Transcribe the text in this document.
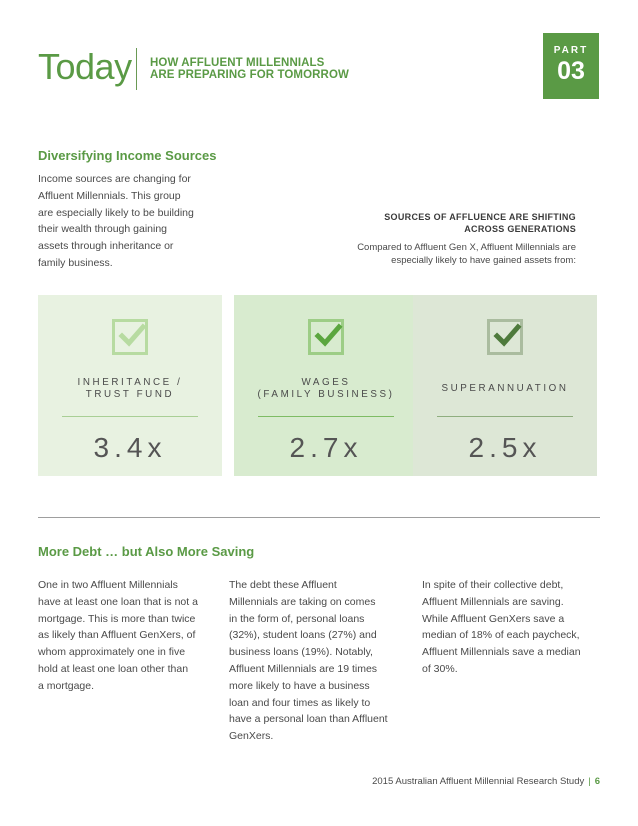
Today HOW AFFLUENT MILLENNIALS
ARE PREPARING FOR TOMORROW
PART
03
Diversifying Income Sources

Income sources are changing for

Affluent Millennials. This group

are especially likely to be building

their wealth through gaining

assets through inheritance or

family business.

SOURCES OF AFFLUENCE ARE SHIFTING
ACROSS GENERATIONS
Compared to Affluent Gen X, Affluent Millennials are
especially likely to have gained assets from:
INHERITANCE /
TRUST FUND
3.4x
WAGES
(FAMILY BUSINESS)
2.7x
SUPERANNUATION
2.5x
More Debt … but Also More Saving

One in two Affluent Millennials

have at least one loan that is not a

mortgage. This is more than twice

as likely than Affluent GenXers, of

whom approximately one in five

hold at least one loan other than

a mortgage.

The debt these Affluent

Millennials are taking on comes

in the form of, personal loans

(32%), student loans (27%) and

business loans (19%). Notably,

Affluent Millennials are 19 times

more likely to have a business

loan and four times as likely to

have a personal loan than Affluent

GenXers.

In spite of their collective debt,

Affluent Millennials are saving.

While Affluent GenXers save a

median of 18% of each paycheck,

Affluent Millennials save a median

of 30%.

2015 Australian Affluent Millennial Research Study | 6
